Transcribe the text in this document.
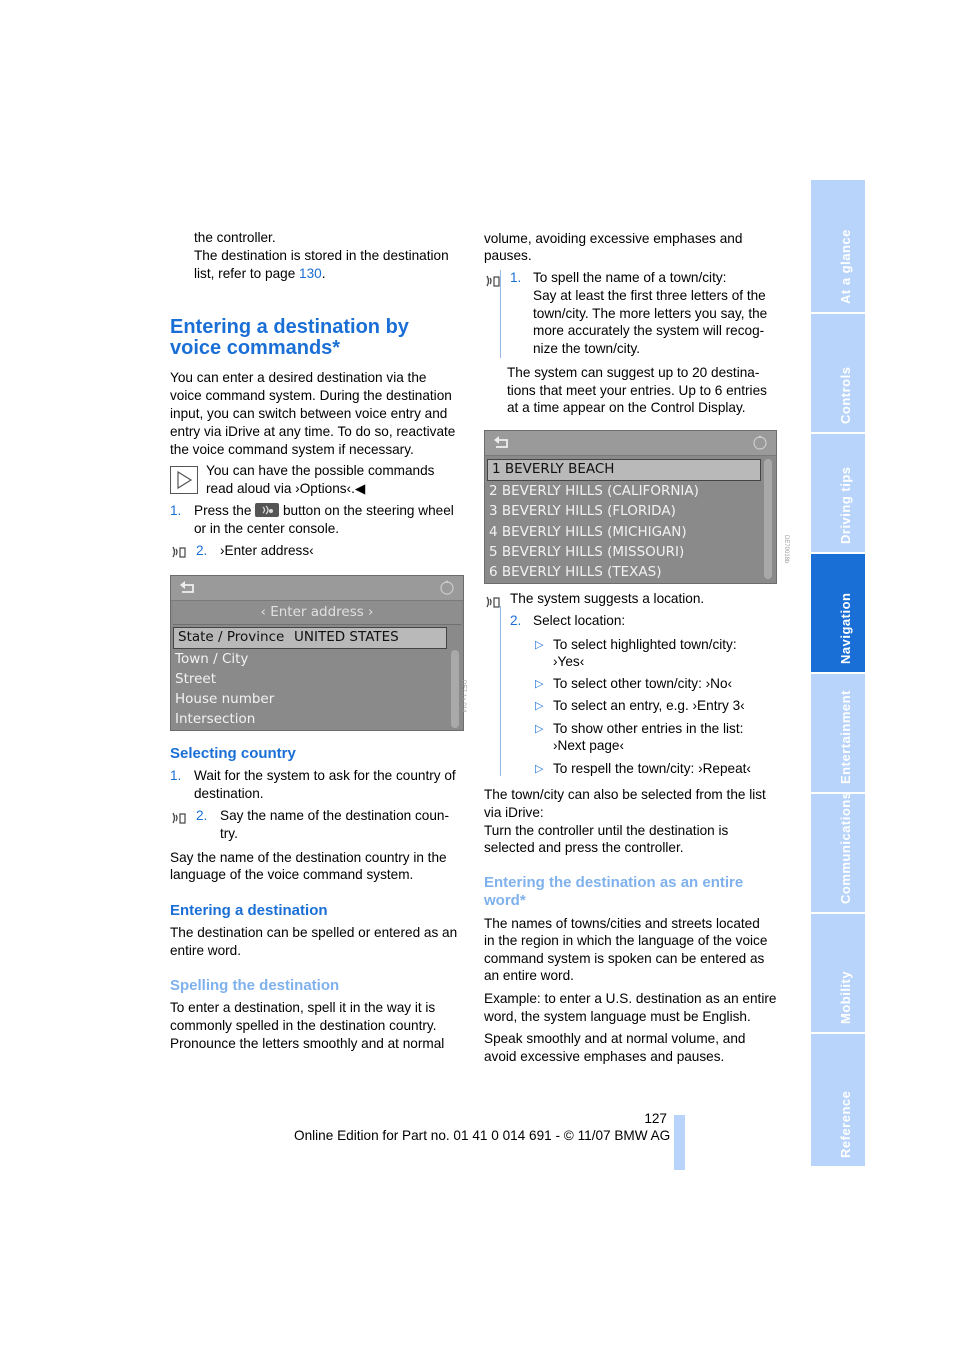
the controller.
The destination is stored in the destination
list, refer to page 130.
Entering a destination by
voice commands*
You can enter a desired destination via the
voice command system. During the destination
input, you can switch between voice entry and
entry via iDrive at any time. To do so, reactivate
the voice command system if necessary.
You can have the possible commands
read aloud via ›Options‹.◀
1. Press the button on the steering wheel
or in the center console.
2. ›Enter address‹
‹ Enter address ›
State / Province UNITED STATES
Town / City
Street
House number
Intersection
DE7-1a-014
Selecting country
1. Wait for the system to ask for the country of
destination.
2. Say the name of the destination coun-
try.
Say the name of the destination country in the
language of the voice command system.
Entering a destination
The destination can be spelled or entered as an
entire word.
Spelling the destination
To enter a destination, spell it in the way it is
commonly spelled in the destination country.
Pronounce the letters smoothly and at normal
volume, avoiding excessive emphases and
pauses.
1. To spell the name of a town/city:
Say at least the first three letters of the
town/city. The more letters you say, the
more accurately the system will recog-
nize the town/city.
The system can suggest up to 20 destina-
tions that meet your entries. Up to 6 entries
at a time appear on the Control Display.
1 BEVERLY BEACH
2 BEVERLY HILLS (CALIFORNIA)
3 BEVERLY HILLS (FLORIDA)
4 BEVERLY HILLS (MICHIGAN)
5 BEVERLY HILLS (MISSOURI)
6 BEVERLY HILLS (TEXAS)
DE70018b
The system suggests a location.
2. Select location:
▷ To select highlighted town/city:
›Yes‹
▷ To select other town/city: ›No‹
▷ To select an entry, e.g. ›Entry 3‹
▷ To show other entries in the list:
›Next page‹
▷ To respell the town/city: ›Repeat‹
The town/city can also be selected from the list
via iDrive:
Turn the controller until the destination is
selected and press the controller.
Entering the destination as an entire
word*
The names of towns/cities and streets located
in the region in which the language of the voice
command system is spoken can be entered as
an entire word.
Example: to enter a U.S. destination as an entire
word, the system language must be English.
Speak smoothly and at normal volume, and
avoid excessive emphases and pauses.
At a glance
Controls
Driving tips
Navigation
Entertainment
Communications
Mobility
Reference
127
Online Edition for Part no. 01 41 0 014 691 - © 11/07 BMW AG
